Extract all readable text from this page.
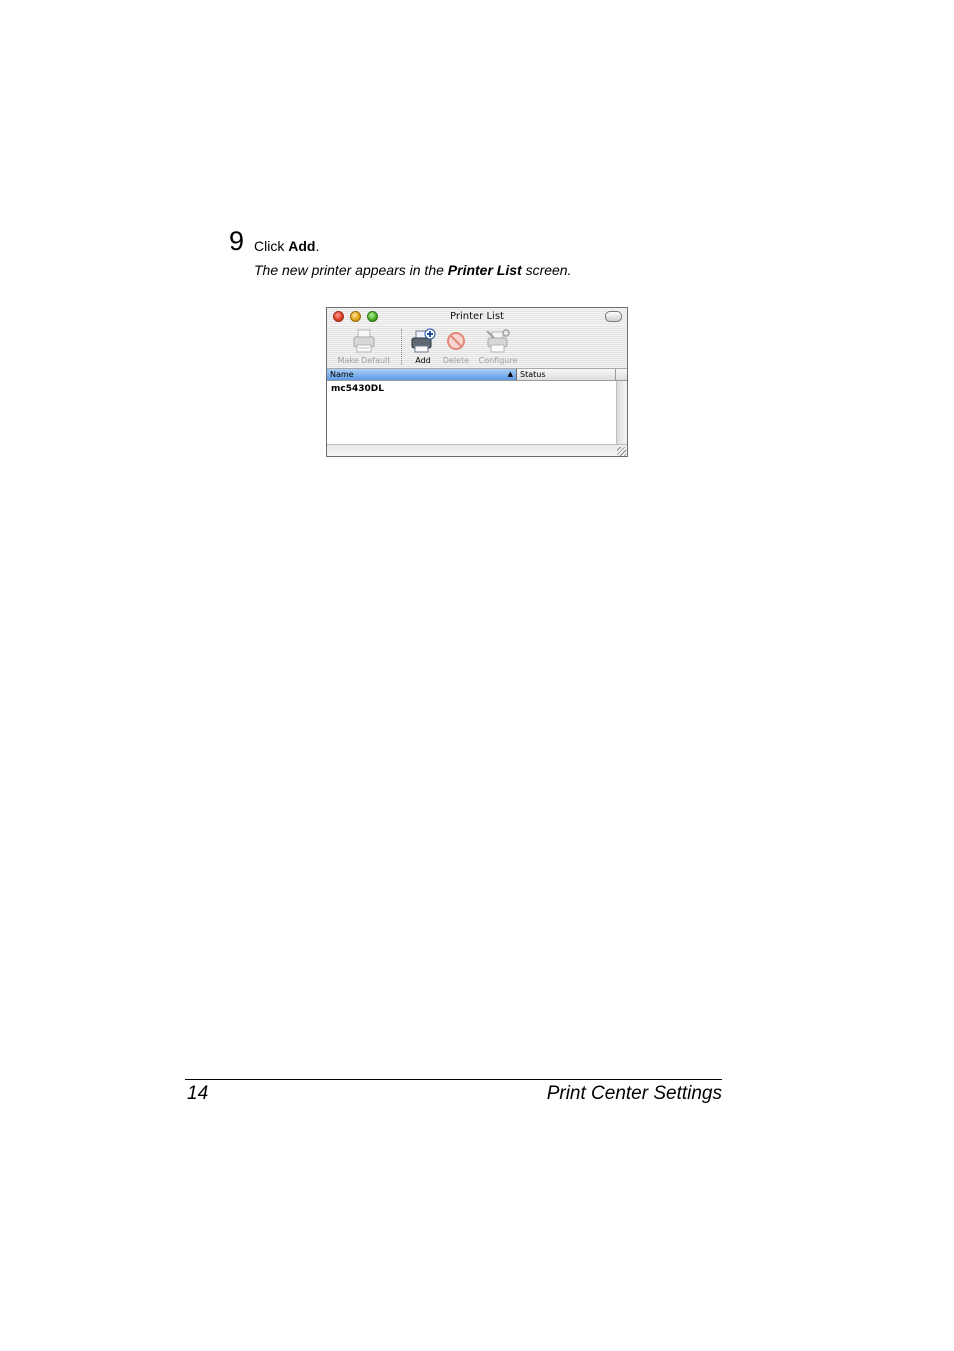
9 Click Add.
The new printer appears in the Printer List screen.
Printer List
Make Default	Add	Delete	Configure
Name	▲ Status
mc5430DL
14	Print Center Settings
